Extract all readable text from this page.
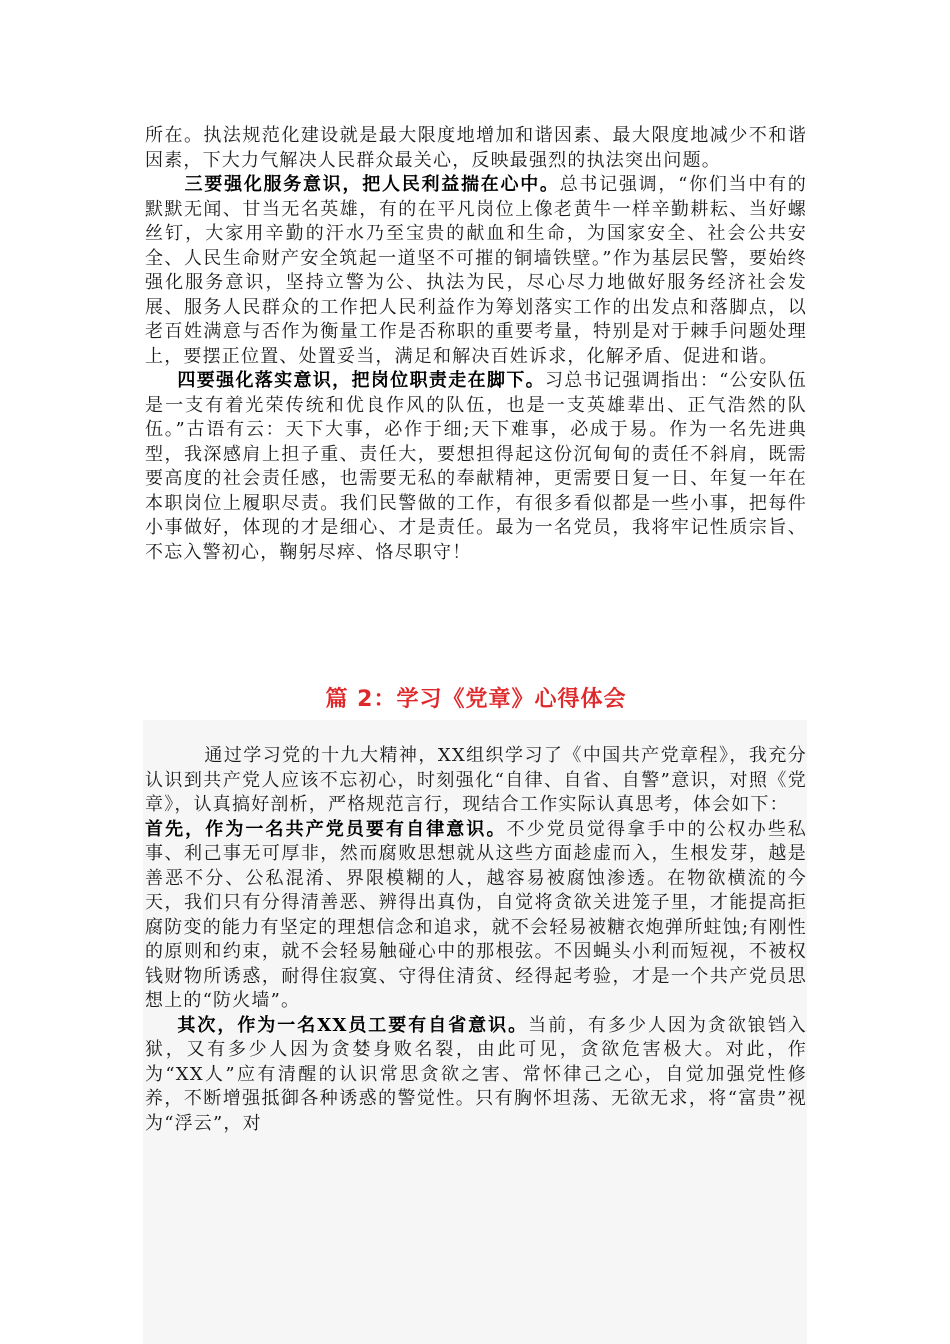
所在。执法规范化建设就是最大限度地增加和谐因素、最大限度地减少不和谐因素，下大力气解决人民群众最关心，反映最强烈的执法突出问题。

三要强化服务意识，把人民利益揣在心中。总书记强调，“你们当中有的默默无闻、甘当无名英雄，有的在平凡岗位上像老黄牛一样辛勤耕耘、当好螺丝钉，大家用辛勤的汗水乃至宝贵的献血和生命，为国家安全、社会公共安全、人民生命财产安全筑起一道坚不可摧的铜墙铁壁。”作为基层民警，要始终强化服务意识，坚持立警为公、执法为民，尽心尽力地做好服务经济社会发展、服务人民群众的工作把人民利益作为筹划落实工作的出发点和落脚点，以老百姓满意与否作为衡量工作是否称职的重要考量，特别是对于棘手问题处理上，要摆正位置、处置妥当，满足和解决百姓诉求，化解矛盾、促进和谐。

四要强化落实意识，把岗位职责走在脚下。习总书记强调指出：“公安队伍是一支有着光荣传统和优良作风的队伍，也是一支英雄辈出、正气浩然的队伍。”古语有云：天下大事，必作于细;天下难事，必成于易。作为一名先进典型，我深感肩上担子重、责任大，要想担得起这份沉甸甸的责任不斜肩，既需要高度的社会责任感，也需要无私的奉献精神，更需要日复一日、年复一年在本职岗位上履职尽责。我们民警做的工作，有很多看似都是一些小事，把每件小事做好，体现的才是细心、才是责任。最为一名党员，我将牢记性质宗旨、不忘入警初心，鞠躬尽瘁、恪尽职守！

篇 2：学习《党章》心得体会

通过学习党的十九大精神，XX组织学习了《中国共产党章程》，我充分认识到共产党人应该不忘初心，时刻强化“自律、自省、自警”意识，对照《党章》，认真搞好剖析，严格规范言行，现结合工作实际认真思考，体会如下：

首先，作为一名共产党员要有自律意识。不少党员觉得拿手中的公权办些私事、利己事无可厚非，然而腐败思想就从这些方面趁虚而入，生根发芽，越是善恶不分、公私混淆、界限模糊的人，越容易被腐蚀渗透。在物欲横流的今天，我们只有分得清善恶、辨得出真伪，自觉将贪欲关进笼子里，才能提高拒腐防变的能力有坚定的理想信念和追求，就不会轻易被糖衣炮弹所蛀蚀;有刚性的原则和约束，就不会轻易触碰心中的那根弦。不因蝇头小利而短视，不被权钱财物所诱惑，耐得住寂寞、守得住清贫、经得起考验，才是一个共产党员思想上的“防火墙”。

其次，作为一名XX员工要有自省意识。当前，有多少人因为贪欲锒铛入狱，又有多少人因为贪婪身败名裂，由此可见，贪欲危害极大。对此，作为“XX人”应有清醒的认识常思贪欲之害、常怀律己之心，自觉加强党性修养，不断增强抵御各种诱惑的警觉性。只有胸怀坦荡、无欲无求，将“富贵”视为“浮云”，对
